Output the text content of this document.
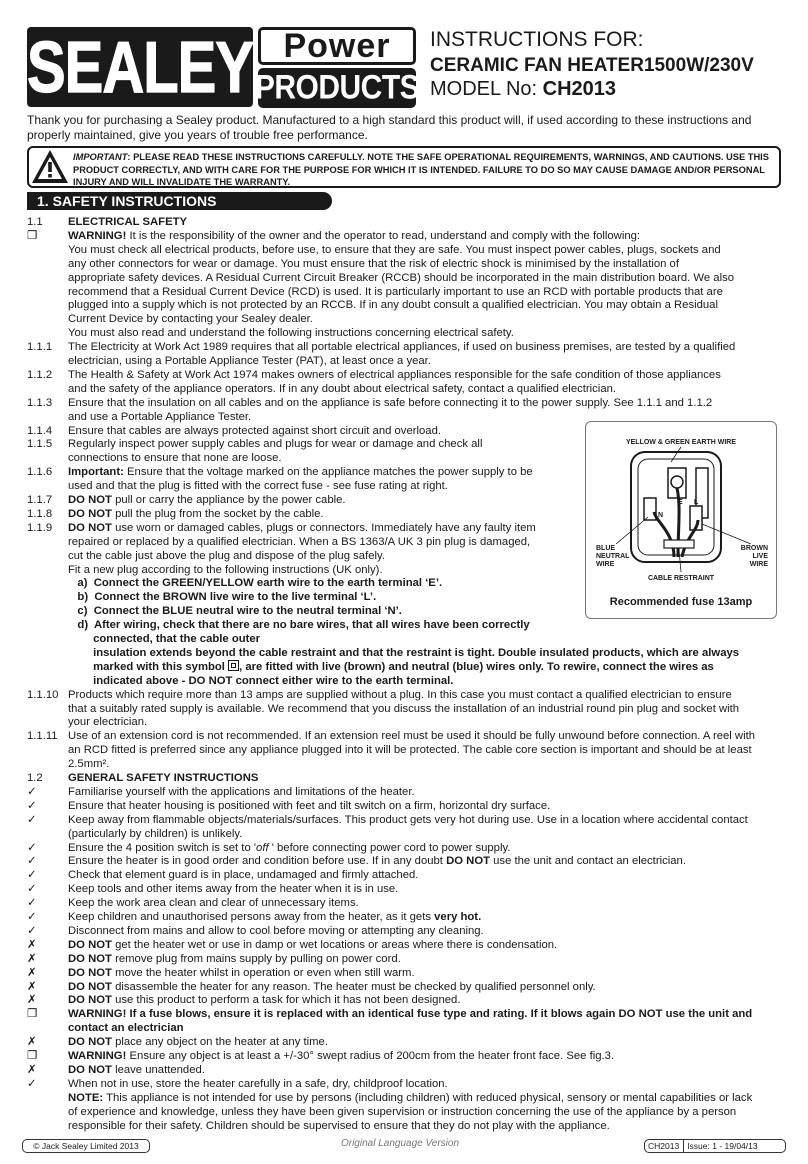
SEALEY Power
PRODUCTS
INSTRUCTIONS FOR:
CERAMIC FAN HEATER1500W/230V
MODEL No: CH2013
Thank you for purchasing a Sealey product. Manufactured to a high standard this product will, if used according to these instructions and properly maintained, give you years of trouble free performance.
IMPORTANT: PLEASE READ THESE INSTRUCTIONS CAREFULLY. NOTE THE SAFE OPERATIONAL REQUIREMENTS, WARNINGS, AND CAUTIONS. USE THIS PRODUCT CORRECTLY, AND WITH CARE FOR THE PURPOSE FOR WHICH IT IS INTENDED. FAILURE TO DO SO MAY CAUSE DAMAGE AND/OR PERSONAL INJURY AND WILL INVALIDATE THE WARRANTY.
1. SAFETY INSTRUCTIONS
1.1	ELECTRICAL SAFETY
❐	WARNING! It is the responsibility of the owner and the operator to read, understand and comply with the following:
You must check all electrical products, before use, to ensure that they are safe. You must inspect power cables, plugs, sockets and
any other connectors for wear or damage. You must ensure that the risk of electric shock is minimised by the installation of
appropriate safety devices. A Residual Current Circuit Breaker (RCCB) should be incorporated in the main distribution board. We also
recommend that a Residual Current Device (RCD) is used. It is particularly important to use an RCD with portable products that are
plugged into a supply which is not protected by an RCCB. If in any doubt consult a qualified electrician. You may obtain a Residual
Current Device by contacting your Sealey dealer.
You must also read and understand the following instructions concerning electrical safety.
1.1.1	The Electricity at Work Act 1989 requires that all portable electrical appliances, if used on business premises, are tested by a qualified
electrician, using a Portable Appliance Tester (PAT), at least once a year.
1.1.2	The Health & Safety at Work Act 1974 makes owners of electrical appliances responsible for the safe condition of those appliances
and the safety of the appliance operators. If in any doubt about electrical safety, contact a qualified electrician.
1.1.3	Ensure that the insulation on all cables and on the appliance is safe before connecting it to the power supply. See 1.1.1 and 1.1.2
and use a Portable Appliance Tester.
1.1.4	Ensure that cables are always protected against short circuit and overload.
1.1.5	Regularly inspect power supply cables and plugs for wear or damage and check all
connections to ensure that none are loose.
1.1.6	Important: Ensure that the voltage marked on the appliance matches the power supply to be
used and that the plug is fitted with the correct fuse - see fuse rating at right.
1.1.7	DO NOT pull or carry the appliance by the power cable.
1.1.8	DO NOT pull the plug from the socket by the cable.
1.1.9	DO NOT use worn or damaged cables, plugs or connectors. Immediately have any faulty item
repaired or replaced by a qualified electrician. When a BS 1363/A UK 3 pin plug is damaged,
cut the cable just above the plug and dispose of the plug safely.
Fit a new plug according to the following instructions (UK only).
a)  Connect the GREEN/YELLOW earth wire to the earth terminal ‘E’.
b)  Connect the BROWN live wire to the live terminal ‘L’.
c)  Connect the BLUE neutral wire to the neutral terminal ‘N’.
d)  After wiring, check that there are no bare wires, that all wires have been correctly
connected, that the cable outer
insulation extends beyond the cable restraint and that the restraint is tight. Double insulated products, which are always
marked with this symbol
, are fitted with live (brown) and neutral (blue) wires only. To rewire, connect the wires as
indicated above - DO NOT connect either wire to the earth terminal.
1.1.10 Products which require more than 13 amps are supplied without a plug. In this case you must contact a qualified electrician to ensure
that a suitably rated supply is available. We recommend that you discuss the installation of an industrial round pin plug and socket with
your electrician.
1.1.11 Use of an extension cord is not recommended. If an extension reel must be used it should be fully unwound before connection. A reel with
an RCD fitted is preferred since any appliance plugged into it will be protected. The cable core section is important and should be at least
2.5mm².
1.2	GENERAL SAFETY INSTRUCTIONS
✓	Familiarise yourself with the applications and limitations of the heater.
✓	Ensure that heater housing is positioned with feet and tilt switch on a firm, horizontal dry surface.
✓	Keep away from flammable objects/materials/surfaces. This product gets very hot during use. Use in a location where accidental contact
(particularly by children) is unlikely.
✓	Ensure the 4 position switch is set to 'off ' before connecting power cord to power supply.
✓	Ensure the heater is in good order and condition before use. If in any doubt DO NOT use the unit and contact an electrician.
✓	Check that element guard is in place, undamaged and firmly attached.
✓	Keep tools and other items away from the heater when it is in use.
✓	Keep the work area clean and clear of unnecessary items.
✓	Keep children and unauthorised persons away from the heater, as it gets very hot.
✓	Disconnect from mains and allow to cool before moving or attempting any cleaning.
✗	DO NOT get the heater wet or use in damp or wet locations or areas where there is condensation.
✗	DO NOT remove plug from mains supply by pulling on power cord.
✗	DO NOT move the heater whilst in operation or even when still warm.
✗	DO NOT disassemble the heater for any reason. The heater must be checked by qualified personnel only.
✗	DO NOT use this product to perform a task for which it has not been designed.
❐	WARNING! If a fuse blows, ensure it is replaced with an identical fuse type and rating. If it blows again DO NOT use the unit and
contact an electrician
✗	DO NOT place any object on the heater at any time.
❐	WARNING! Ensure any object is at least a +/-30° swept radius of 200cm from the heater front face. See fig.3.
✗	DO NOT leave unattended.
✓	When not in use, store the heater carefully in a safe, dry, childproof location.
NOTE: This appliance is not intended for use by persons (including children) with reduced physical, sensory or mental capabilities or lack
of experience and knowledge, unless they have been given supervision or instruction concerning the use of the appliance by a person
responsible for their safety. Children should be supervised to ensure that they do not play with the appliance.
YELLOW & GREEN EARTH WIRE
E L
N
BLUE NEUTRAL WIRE
BROWN LIVE WIRE
CABLE RESTRAINT
Recommended fuse 13amp
© Jack Sealey Limited 2013	Original Language Version	CH2013 Issue: 1 - 19/04/13
